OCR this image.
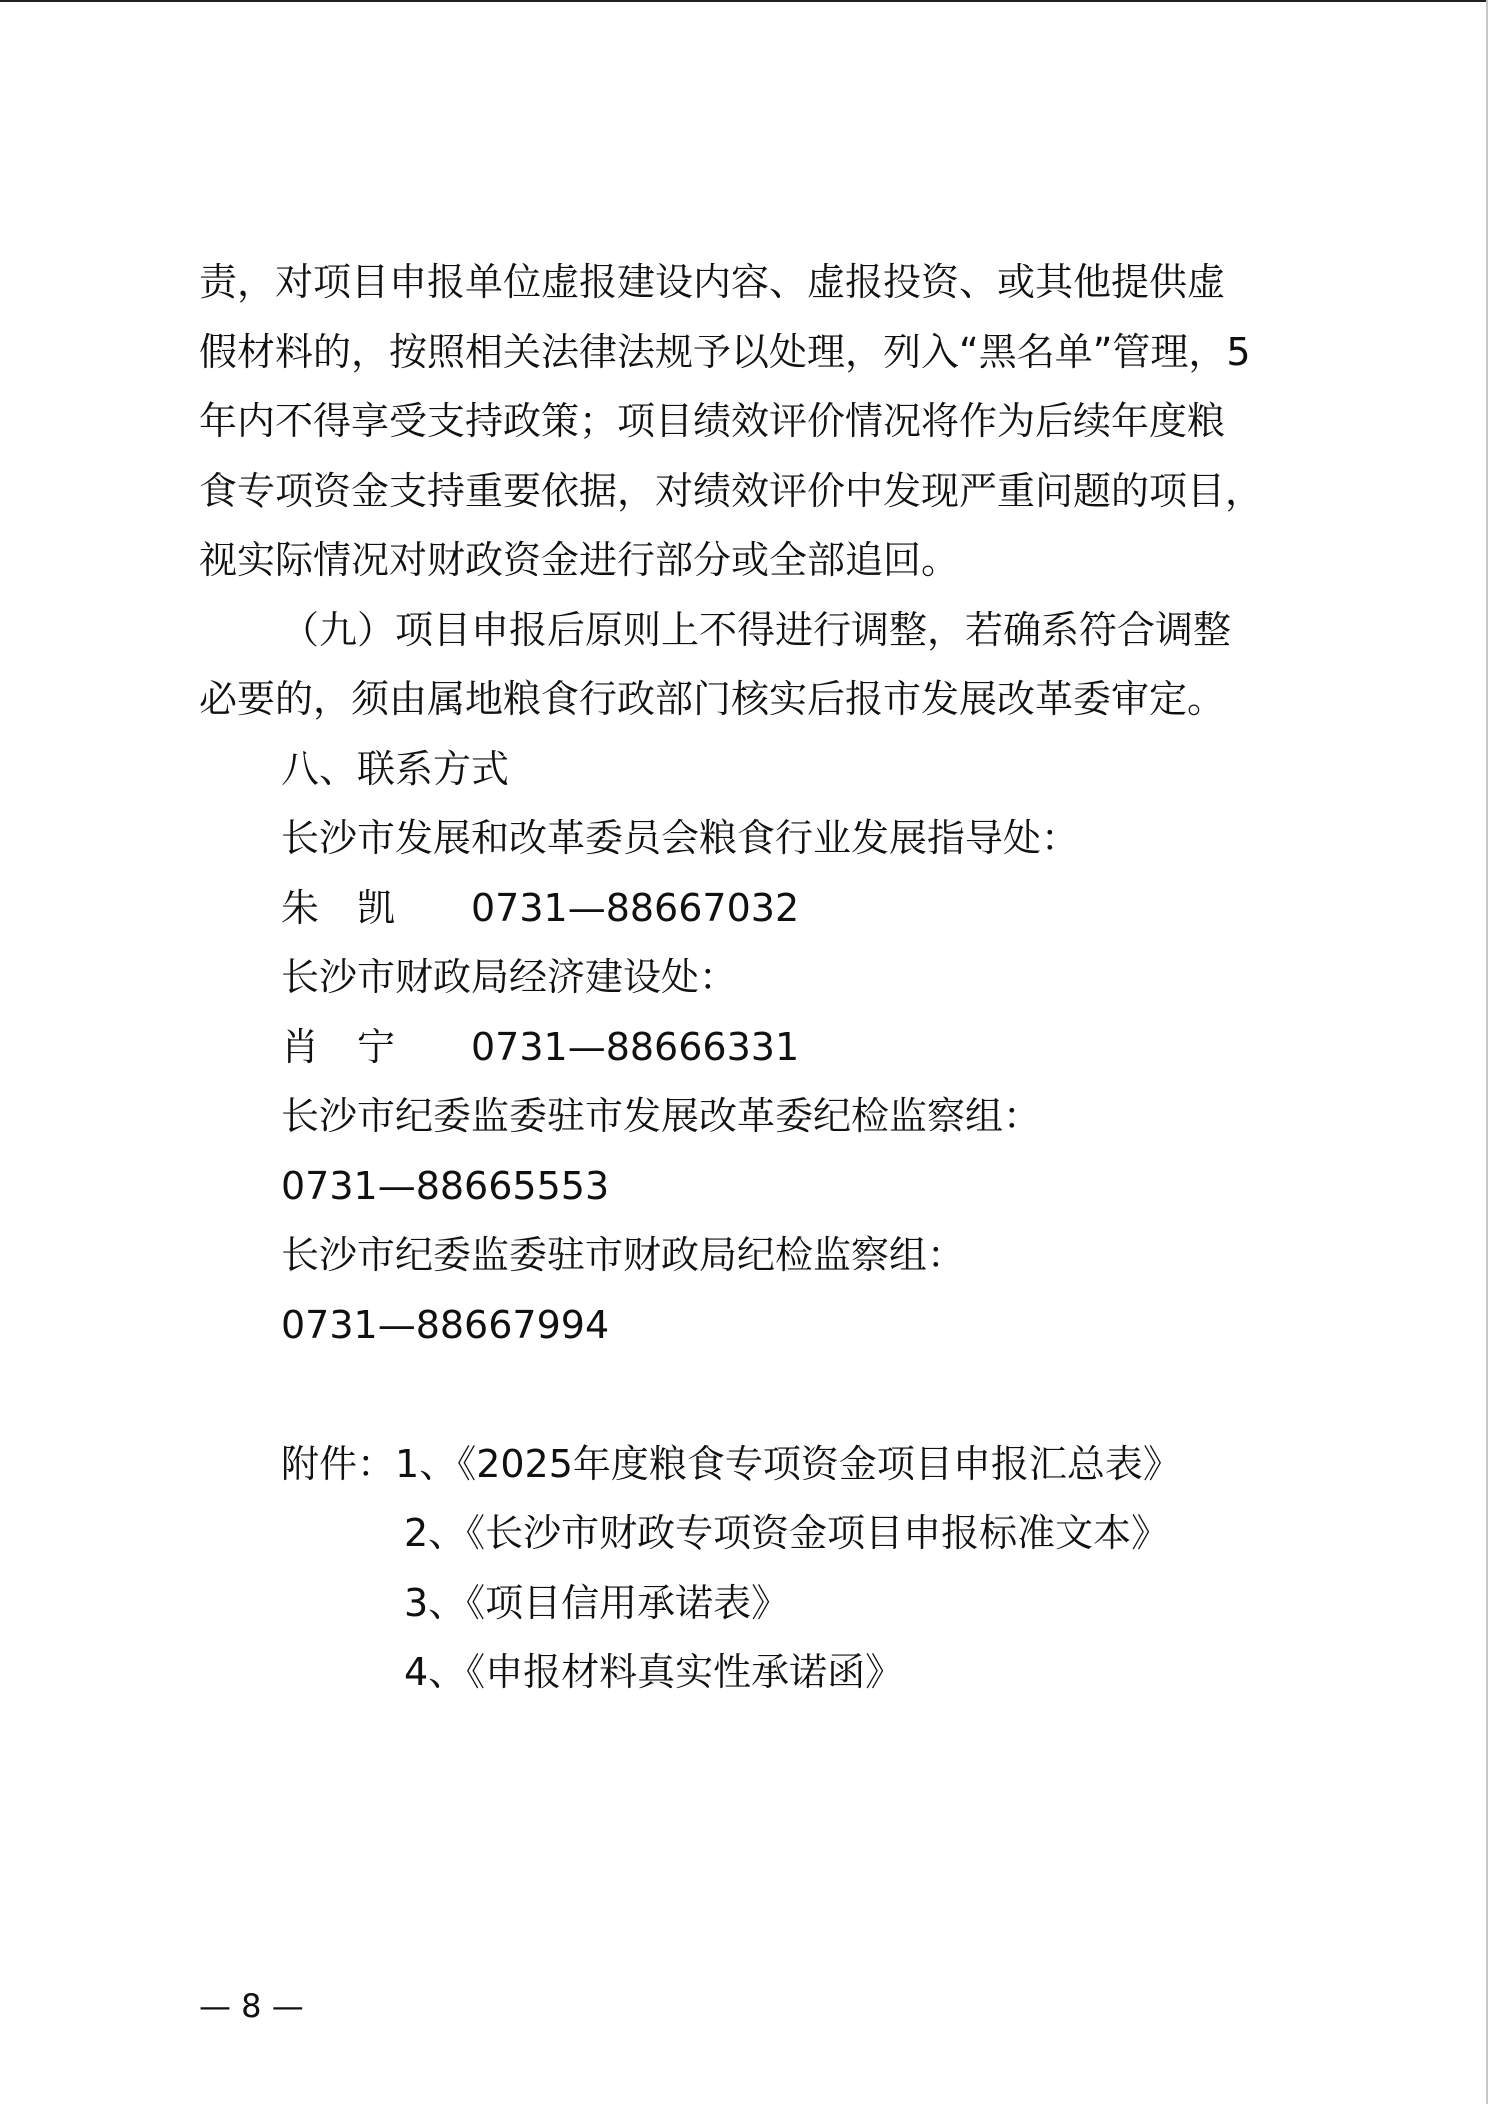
责，对项目申报单位虚报建设内容、虚报投资、或其他提供虚
假材料的，按照相关法律法规予以处理，列入“黑名单”管理，5
年内不得享受支持政策；项目绩效评价情况将作为后续年度粮
食专项资金支持重要依据，对绩效评价中发现严重问题的项目，
视实际情况对财政资金进行部分或全部追回。
（九）项目申报后原则上不得进行调整，若确系符合调整
必要的，须由属地粮食行政部门核实后报市发展改革委审定。
八、联系方式
长沙市发展和改革委员会粮食行业发展指导处：
朱　凯　　0731—88667032
长沙市财政局经济建设处：
肖　宁　　0731—88666331
长沙市纪委监委驻市发展改革委纪检监察组：
0731—88665553
长沙市纪委监委驻市财政局纪检监察组：
0731—88667994
附件：1、《2025年度粮食专项资金项目申报汇总表》
2、《长沙市财政专项资金项目申报标准文本》
3、《项目信用承诺表》
4、《申报材料真实性承诺函》
— 8 —
